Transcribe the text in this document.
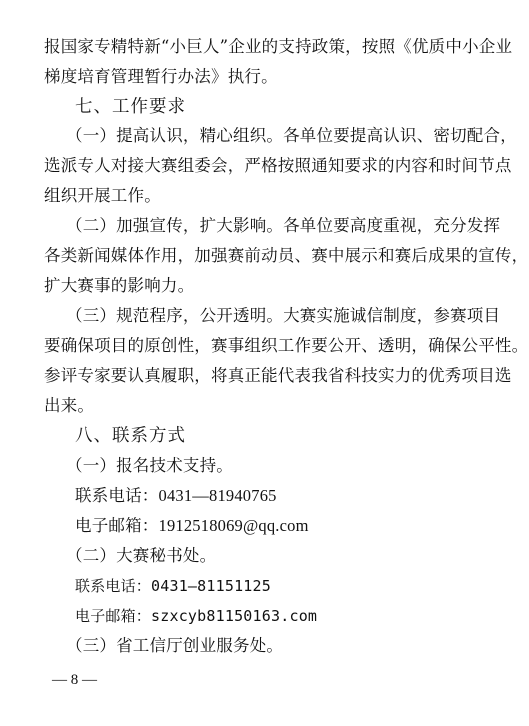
报国家专精特新“小巨人”企业的支持政策，按照《优质中小企业
梯度培育管理暂行办法》执行。
七、工作要求
（一）提高认识，精心组织。各单位要提高认识、密切配合，
选派专人对接大赛组委会，严格按照通知要求的内容和时间节点
组织开展工作。
（二）加强宣传，扩大影响。各单位要高度重视，充分发挥
各类新闻媒体作用，加强赛前动员、赛中展示和赛后成果的宣传，
扩大赛事的影响力。
（三）规范程序，公开透明。大赛实施诚信制度，参赛项目
要确保项目的原创性，赛事组织工作要公开、透明，确保公平性。
参评专家要认真履职，将真正能代表我省科技实力的优秀项目选
出来。
八、联系方式
（一）报名技术支持。
联系电话：0431—81940765
电子邮箱：1912518069@qq.com
（二）大赛秘书处。
联系电话：0431—81151125
电子邮箱：szxcyb81150163.com
（三）省工信厅创业服务处。
— 8 —
